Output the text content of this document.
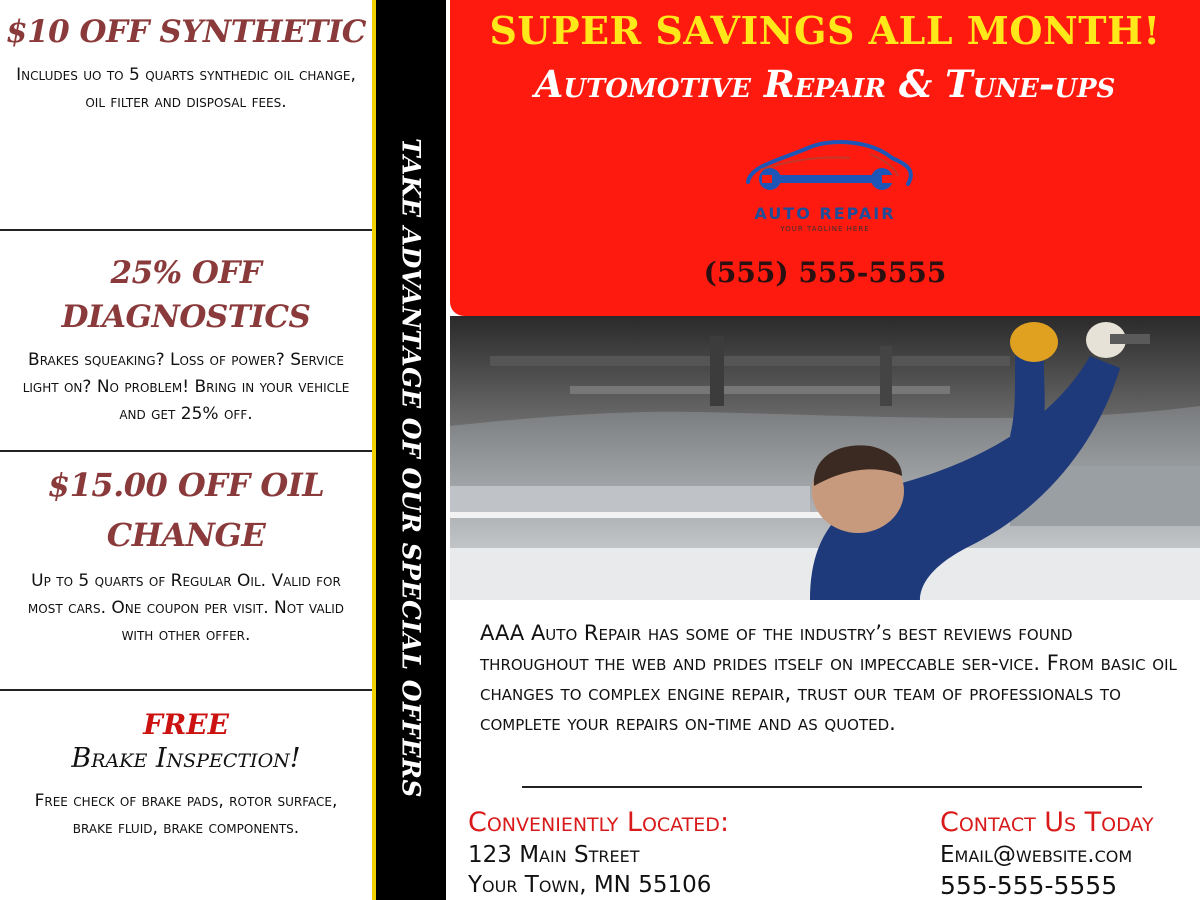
$10 OFF SYNTHETIC
Includes uo to 5 quarts synthedic oil change, oil filter and disposal fees.
25% OFF DIAGNOSTICS
Brakes squeaking? Loss of power? Service light on? No problem! Bring in your vehicle and get 25% off.
$15.00 OFF OIL CHANGE
Up to 5 quarts of Regular Oil. Valid for most cars. One coupon per visit. Not valid with other offer.
FREE
Brake Inspection!
Free check of brake pads, rotor surface, brake fluid, brake components.
TAKE ADVANTAGE OF OUR SPECIAL OFFERS
SUPER SAVINGS ALL MONTH!
Automotive Repair & Tune-ups
AUTO REPAIR
YOUR TAGLINE HERE
(555) 555-5555
AAA Auto Repair has some of the industry’s best reviews found throughout the web and prides itself on impeccable ser-vice. From basic oil changes to complex engine repair, trust our team of professionals to complete your repairs on-time and as quoted.
Conveniently Located:
123 Main Street
Your Town, MN 55106
Contact Us Today
Email@website.com
555-555-5555
